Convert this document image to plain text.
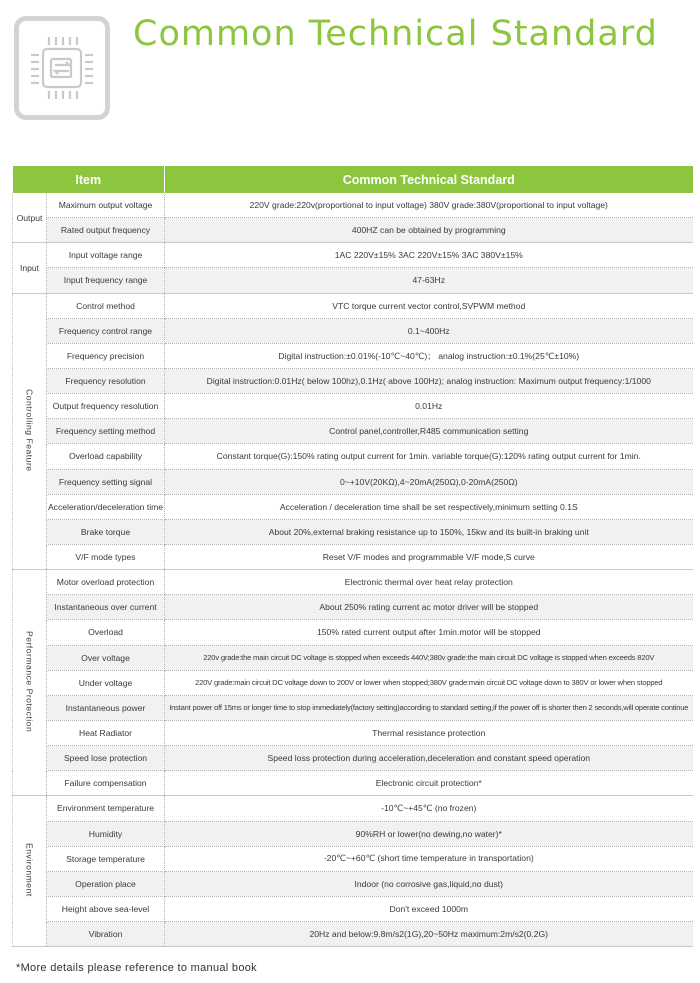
Common Technical Standard
Item		Common Technical Standard
Output	Maximum output voltage	220V grade:220v(proportional to input voltage) 380V grade:380V(proportional to input voltage)
	Rated output frequency	400HZ can be obtained by programming
Input	Input voltage range	1AC 220V±15% 3AC 220V±15% 3AC 380V±15%
	Input frequency range	47-63Hz
Controlling Feature	Control method	VTC torque current vector control,SVPWM method
	Frequency control range	0.1~400Hz
	Frequency precision	Digital instruction:±0.01%(-10℃~40℃)； analog instruction:±0.1%(25℃±10%)
	Frequency resolution	Digital instruction:0.01Hz( below 100hz),0.1Hz( above 100Hz); analog instruction: Maximum output frequency:1/1000
	Output frequency resolution	0.01Hz
	Frequency setting method	Control panel,controller,R485 communication setting
	Overload capability	Constant torque(G):150% rating output current for 1min. variable torque(G):120% rating output current for 1min.
	Frequency setting signal	0~+10V(20KΩ),4~20mA(250Ω),0-20mA(250Ω)
	Acceleration/deceleration time	Acceleration / deceleration time shall be set respectively,minimum setting 0.1S
	Brake torque	About 20%,external braking resistance up to 150%, 15kw and its built-in braking unit
	V/F mode types	Reset V/F modes and programmable V/F mode,S curve
Performance Protection	Motor overload protection	Electronic thermal over heat relay protection
	Instantaneous over current	About 250% rating current ac motor driver will be stopped
	Overload	150% rated current output after 1min.motor will be stopped
	Over voltage	220v grade:the main circuit DC voltage is stopped when exceeds 440V;380v grade:the main circuit DC voltage is stopped when exceeds 820V
	Under voltage	220V grade:main circuit DC voltage down to 200V or lower when stopped;380V grade:main circuit DC voltage down to 380V or lower when stopped
	Instantaneous power	Instant power off 15ms or longer time to stop immediately(factory setting)according to standard setting,if the power off is shorter then 2 seconds,will operate continue
	Heat Radiator	Thermal resistance protection
	Speed lose protection	Speed loss protection during acceleration,deceleration and constant speed operation
	Failure compensation	Electronic circuit protection*
Environment	Environment temperature	-10℃~+45℃ (no frozen)
	Humidity	90%RH or lower(no dewing,no water)*
	Storage temperature	-20℃~+60℃ (short time temperature in transportation)
	Operation place	Indoor (no corrosive gas,liquid,no dust)
	Height above sea-level	Don't exceed 1000m
	Vibration	20Hz and below:9.8m/s2(1G),20~50Hz maximum:2m/s2(0.2G)
*More details please reference to manual book
